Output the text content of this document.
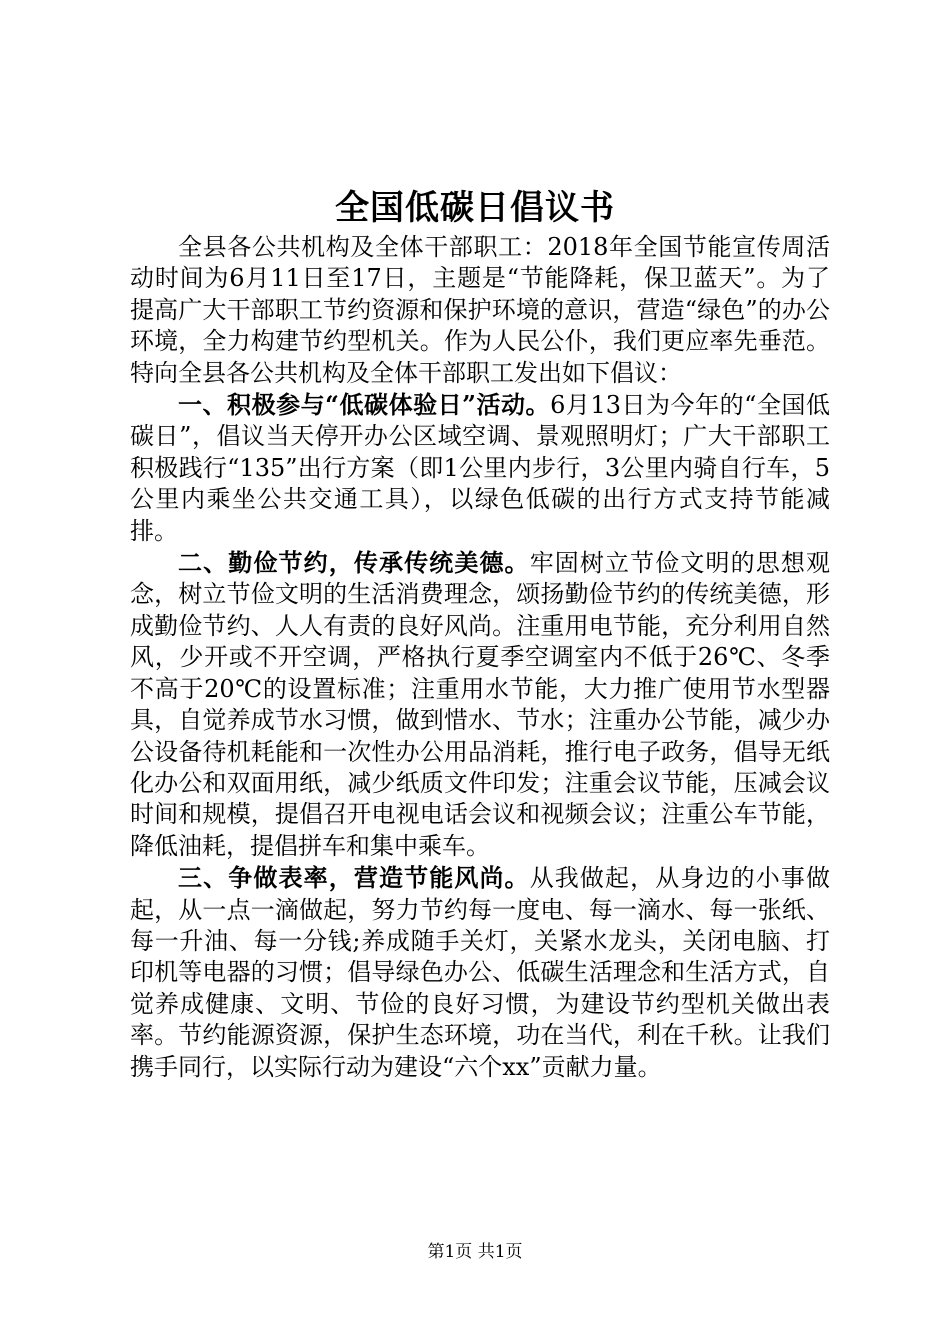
全国低碳日倡议书

全县各公共机构及全体干部职工：2018年全国节能宣传周活动时间为6月11日至17日，主题是“节能降耗，保卫蓝天”。为了提高广大干部职工节约资源和保护环境的意识，营造“绿色”的办公环境，全力构建节约型机关。作为人民公仆，我们更应率先垂范。特向全县各公共机构及全体干部职工发出如下倡议：

一、积极参与“低碳体验日”活动。6月13日为今年的“全国低碳日”，倡议当天停开办公区域空调、景观照明灯；广大干部职工积极践行“135”出行方案（即1公里内步行，3公里内骑自行车，5公里内乘坐公共交通工具），以绿色低碳的出行方式支持节能减排。

二、勤俭节约，传承传统美德。牢固树立节俭文明的思想观念，树立节俭文明的生活消费理念，颂扬勤俭节约的传统美德，形成勤俭节约、人人有责的良好风尚。注重用电节能，充分利用自然风，少开或不开空调，严格执行夏季空调室内不低于26℃、冬季不高于20℃的设置标准；注重用水节能，大力推广使用节水型器具，自觉养成节水习惯，做到惜水、节水；注重办公节能，减少办公设备待机耗能和一次性办公用品消耗，推行电子政务，倡导无纸化办公和双面用纸，减少纸质文件印发；注重会议节能，压减会议时间和规模，提倡召开电视电话会议和视频会议；注重公车节能，降低油耗，提倡拼车和集中乘车。

三、争做表率，营造节能风尚。从我做起，从身边的小事做起，从一点一滴做起，努力节约每一度电、每一滴水、每一张纸、每一升油、每一分钱;养成随手关灯，关紧水龙头，关闭电脑、打印机等电器的习惯；倡导绿色办公、低碳生活理念和生活方式，自觉养成健康、文明、节俭的良好习惯，为建设节约型机关做出表率。节约能源资源，保护生态环境，功在当代，利在千秋。让我们携手同行，以实际行动为建设“六个xx”贡献力量。

第1页 共1页
